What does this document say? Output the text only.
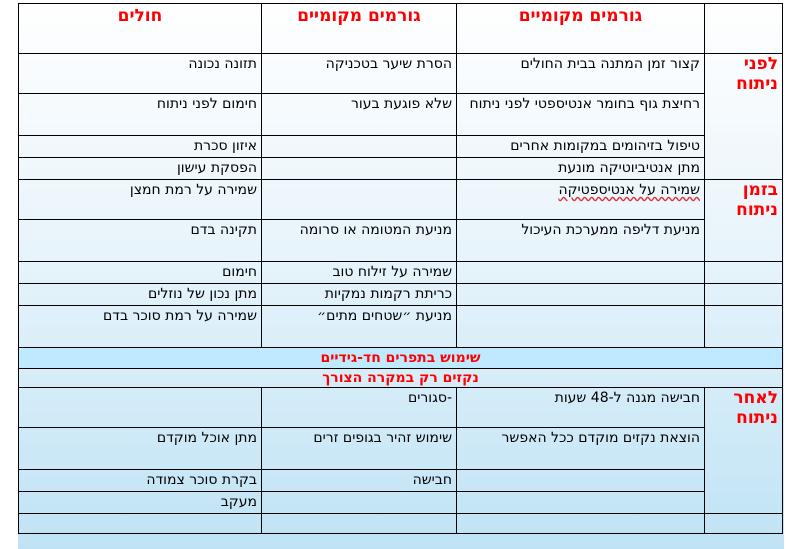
	גורמים מקומיים	גורמים מקומיים	חולים
לפני ניתוח	קצור זמן המתנה בבית החולים	הסרת שיער בטכניקה	תזונה נכונה
	רחיצת גוף בחומר אנטיספטי לפני ניתוח	שלא פוגעת בעור	חימום לפני ניתוח
	טיפול בזיהומים במקומות אחרים		איזון סכרת
	מתן אנטיביוטיקה מונעת		הפסקת עישון
בזמן ניתוח	שמירה על אנטיספטיקה		שמירה על רמת חמצן
	מניעת דליפה ממערכת העיכול	מניעת המטומה או סרומה	תקינה בדם
		שמירה על זילוח טוב	חימום
		כריתת רקמות נמקיות	מתן נכון של נוזלים
		מניעת ״שטחים מתים״	שמירה על רמת סוכר בדם
שימוש בתפרים חד-גידיים			
נקזים רק במקרה הצורך			
לאחר ניתוח	חבישה מגנה ל-48 שעות	-סגורים	
	הוצאת נקזים מוקדם ככל האפשר	שימוש זהיר בגופים זרים	מתן אוכל מוקדם
		חבישה	בקרת סוכר צמודה
			מעקב
